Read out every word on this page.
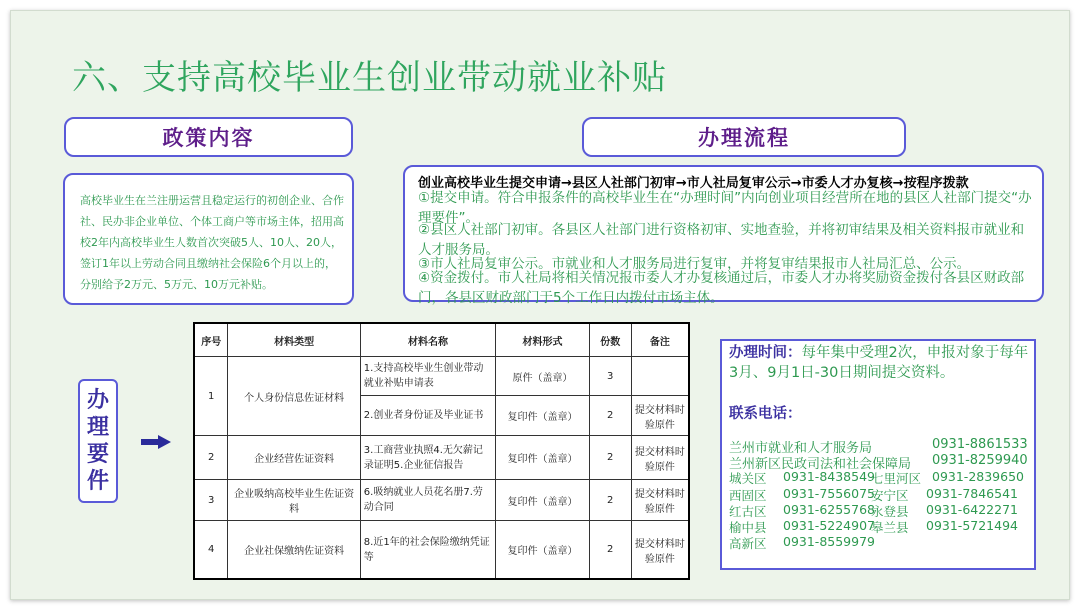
六、支持高校毕业生创业带动就业补贴
政策内容
高校毕业生在兰注册运营且稳定运行的初创企业、合作社、民办非企业单位、个体工商户等市场主体，招用高校2年内高校毕业生人数首次突破5人、10人、20人，签订1年以上劳动合同且缴纳社会保险6个月以上的，分别给予2万元、5万元、10万元补贴。
办理流程
创业高校毕业生提交申请→县区人社部门初审→市人社局复审公示→市委人才办复核→按程序拨款
①提交申请。符合申报条件的高校毕业生在“办理时间”内向创业项目经营所在地的县区人社部门提交“办理要件”。
②县区人社部门初审。各县区人社部门进行资格初审、实地查验，并将初审结果及相关资料报市就业和人才服务局。
③市人社局复审公示。市就业和人才服务局进行复审，并将复审结果报市人社局汇总、公示。
④资金拨付。市人社局将相关情况报市委人才办复核通过后，市委人才办将奖励资金拨付各县区财政部门，各县区财政部门于5个工作日内拨付市场主体。
办
理
要
件
序号	材料类型	材料名称	材料形式	份数	备注
1	个人身份信息佐证材料	1.支持高校毕业生创业带动就业补贴申请表	原件（盖章）	3	
		2.创业者身份证及毕业证书	复印件（盖章）	2	提交材料时验原件
2	企业经营佐证资料	3.工商营业执照4.无欠薪记录证明5.企业征信报告	复印件（盖章）	2	提交材料时验原件
3	企业吸纳高校毕业生佐证资料	6.吸纳就业人员花名册7.劳动合同	复印件（盖章）	2	提交材料时验原件
4	企业社保缴纳佐证资料	8.近1年的社会保险缴纳凭证等	复印件（盖章）	2	提交材料时验原件
办理时间：每年集中受理2次，申报对象于每年3月、9月1日-30日期间提交资料。
联系电话：
兰州市就业和人才服务局	0931-8861533
兰州新区民政司法和社会保障局 0931-8259940
城关区 0931-8438549
七里河区 0931-2839650
西固区 0931-7556075
安宁区 0931-7846541
红古区 0931-6255768
永登县 0931-6422271
榆中县 0931-5224907
皋兰县 0931-5721494
高新区 0931-8559979
